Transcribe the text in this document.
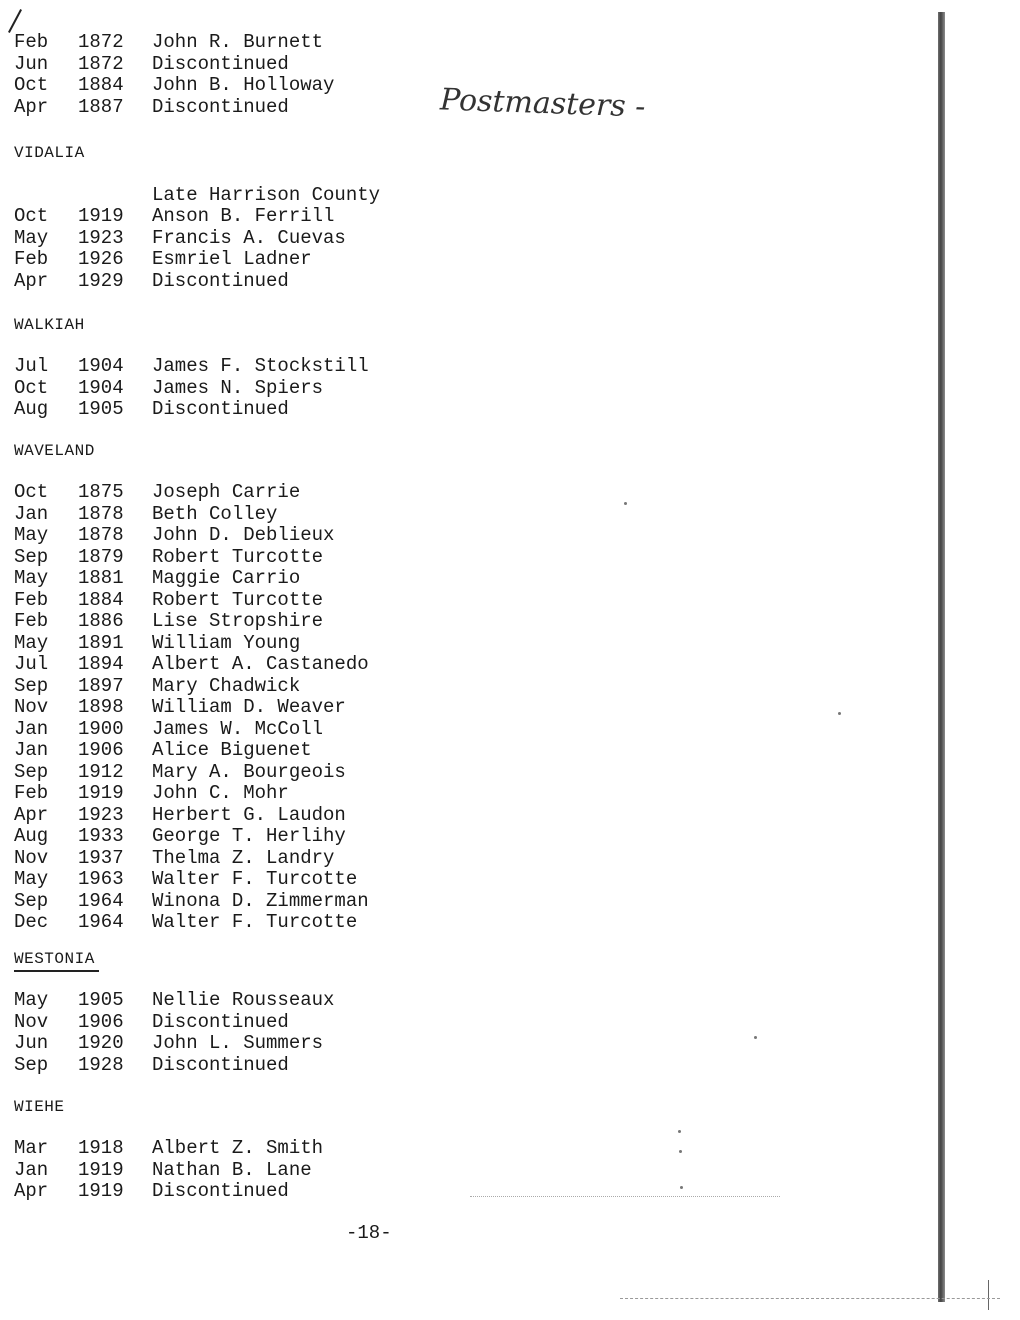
Feb 1872 John R. Burnett
Jun 1872 Discontinued
Oct 1884 John B. Holloway
Apr 1887 Discontinued	Postmasters -
VIDALIA
Late Harrison County
Oct 1919 Anson B. Ferrill
May 1923 Francis A. Cuevas
Feb 1926 Esmriel Ladner
Apr 1929 Discontinued
WALKIAH
Jul 1904 James F. Stockstill
Oct 1904 James N. Spiers
Aug 1905 Discontinued
WAVELAND
Oct 1875 Joseph Carrie
Jan 1878 Beth Colley
May 1878 John D. Deblieux
Sep 1879 Robert Turcotte
May 1881 Maggie Carrio
Feb 1884 Robert Turcotte
Feb 1886 Lise Stropshire
May 1891 William Young
Jul 1894 Albert A. Castanedo
Sep 1897 Mary Chadwick
Nov 1898 William D. Weaver
Jan 1900 James W. McColl
Jan 1906 Alice Biguenet
Sep 1912 Mary A. Bourgeois
Feb 1919 John C. Mohr
Apr 1923 Herbert G. Laudon
Aug 1933 George T. Herlihy
Nov 1937 Thelma Z. Landry
May 1963 Walter F. Turcotte
Sep 1964 Winona D. Zimmerman
Dec 1964 Walter F. Turcotte
WESTONIA
May 1905 Nellie Rousseaux
Nov 1906 Discontinued
Jun 1920 John L. Summers
Sep 1928 Discontinued
WIEHE
Mar 1918 Albert Z. Smith
Jan 1919 Nathan B. Lane
Apr 1919 Discontinued
-18-
